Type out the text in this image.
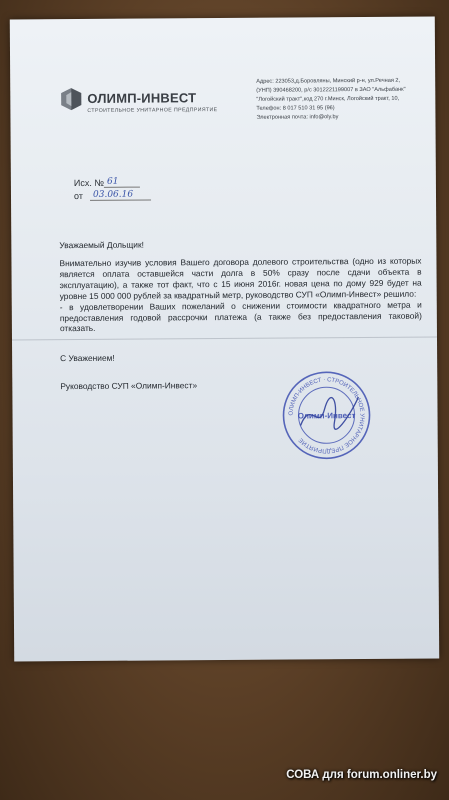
ОЛИМП-ИНВЕСТ
СТРОИТЕЛЬНОЕ УНИТАРНОЕ ПРЕДПРИЯТИЕ
Адрес: 223053,д.Боровляны, Минский р-н, ул.Речная 2,
(УНП) 390468200, р/с 3012221199007 в ЗАО "Альфабанк"
"Логойский тракт",код 270 г.Минск, Логойский тракт, 10,
Телефон: 8 017 510 31 95 (96)
Электронная почта: info@oly.by
Исх. № 61
от	03.06.16
Уважаемый Дольщик!

Внимательно изучив условия Вашего договора долевого строительства (одно из которых является оплата оставшейся части долга в 50% сразу после сдачи объекта в эксплуатацию), а также тот факт, что с 15 июня 2016г. новая цена по дому 929 будет на уровне 15 000 000 рублей за квадратный метр, руководство СУП «Олимп-Инвест» решило:

- в удовлетворении Ваших пожеланий о снижении стоимости квадратного метра и предоставления годовой рассрочки платежа (а также без предоставления таковой) отказать.

С Уважением!
Руководство СУП «Олимп-Инвест»
ОЛИМП-ИНВЕСТ · СТРОИТЕЛЬНОЕ УНИТАРНОЕ ПРЕДПРИЯТИЕ
Олимп-Инвест
СОВА для forum.onliner.by
